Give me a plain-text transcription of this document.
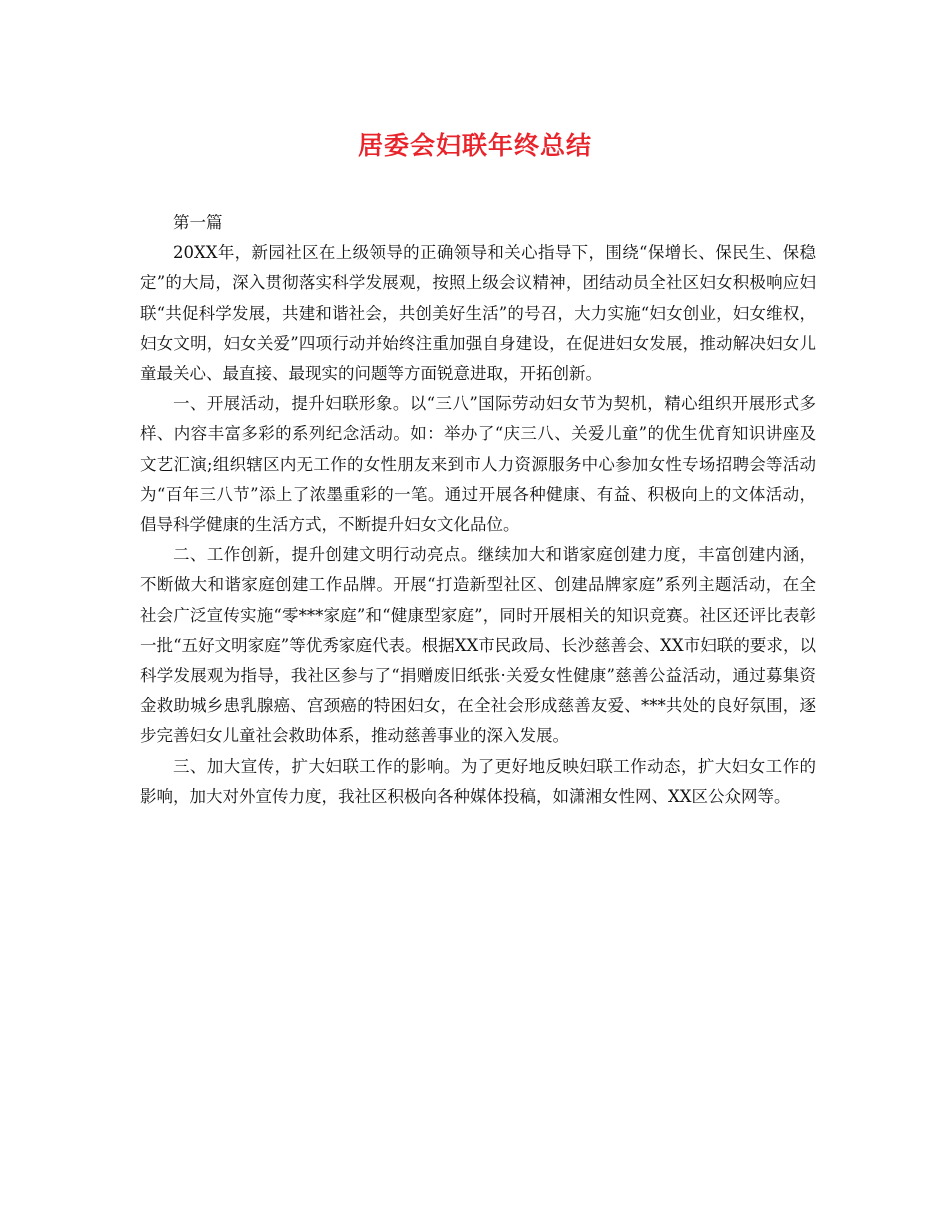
居委会妇联年终总结

第一篇

20XX年，新园社区在上级领导的正确领导和关心指导下，围绕“保增长、保民生、保稳定”的大局，深入贯彻落实科学发展观，按照上级会议精神，团结动员全社区妇女积极响应妇联“共促科学发展，共建和谐社会，共创美好生活”的号召，大力实施“妇女创业，妇女维权，妇女文明，妇女关爱”四项行动并始终注重加强自身建设，在促进妇女发展，推动解决妇女儿童最关心、最直接、最现实的问题等方面锐意进取，开拓创新。

一、开展活动，提升妇联形象。以“三八”国际劳动妇女节为契机，精心组织开展形式多样、内容丰富多彩的系列纪念活动。如：举办了“庆三八、关爱儿童”的优生优育知识讲座及文艺汇演;组织辖区内无工作的女性朋友来到市人力资源服务中心参加女性专场招聘会等活动为“百年三八节”添上了浓墨重彩的一笔。通过开展各种健康、有益、积极向上的文体活动，倡导科学健康的生活方式，不断提升妇女文化品位。

二、工作创新，提升创建文明行动亮点。继续加大和谐家庭创建力度，丰富创建内涵，不断做大和谐家庭创建工作品牌。开展“打造新型社区、创建品牌家庭”系列主题活动，在全社会广泛宣传实施“零***家庭”和“健康型家庭”，同时开展相关的知识竞赛。社区还评比表彰一批“五好文明家庭”等优秀家庭代表。根据XX市民政局、长沙慈善会、XX市妇联的要求，以科学发展观为指导，我社区参与了“捐赠废旧纸张·关爱女性健康”慈善公益活动，通过募集资金救助城乡患乳腺癌、宫颈癌的特困妇女，在全社会形成慈善友爱、***共处的良好氛围，逐步完善妇女儿童社会救助体系，推动慈善事业的深入发展。

三、加大宣传，扩大妇联工作的影响。为了更好地反映妇联工作动态，扩大妇女工作的影响，加大对外宣传力度，我社区积极向各种媒体投稿，如潇湘女性网、XX区公众网等。
